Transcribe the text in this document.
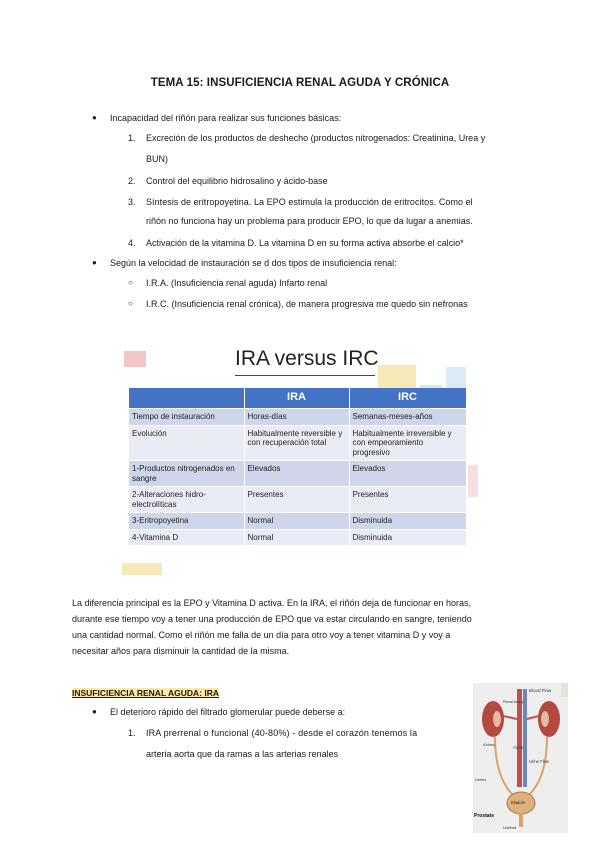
TEMA 15: INSUFICIENCIA RENAL AGUDA Y CRÓNICA
● Incapacidad del riñón para realizar sus funciones básicas:
1. Excreción de los productos de deshecho (productos nitrogenados: Creatinina, Urea y
BUN)
2. Control del equilibrio hidrosalino y ácido-base
3. Síntesis de eritropoyetina. La EPO estimula la producción de eritrocitos. Como el
riñón no funciona hay un problema para producir EPO, lo que da lugar a anemias.
4. Activación de la vitamina D. La vitamina D en su forma activa absorbe el calcio*
● Según la velocidad de instauración se d dos tipos de insuficiencia renal:
○ I.R.A. (Insuficiencia renal aguda) Infarto renal
○ I.R.C. (Insuficiencia renal crónica), de manera progresiva me quedo sin nefronas
IRA versus IRC
	IRA	IRC
Tiempo de instauración	Horas-días	Semanas-meses-años
Evolución	Habitualmente reversible y con recuperación total	Habitualmente irreversible y con empeoramiento progresivo
1-Productos nitrogenados en sangre	Elevados	Elevados
2-Alteraciones hidro-electrolíticas	Presentes	Presentes
3-Eritropoyetina	Normal	Disminuida
4-Vitamina D	Normal	Disminuida
La diferencia principal es la EPO y Vitamina D activa. En la IRA, el riñón deja de funcionar en horas,
durante ese tiempo voy a tener una producción de EPO que va estar circulando en sangre, teniendo
una cantidad normal. Como el riñón me falla de un día para otro voy a tener vitamina D y voy a
necesitar años para disminuir la cantidad de la misma.
INSUFICIENCIA RENAL AGUDA: IRA
● El deterioro rápido del filtrado glomerular puede deberse a:
1. IRA prerrenal o funcional (40-80%) - desde el corazón tenemos la
arteria aorta que da ramas a las arterias renales
Blood Flow
Renal Artery
Kidney
Aorta
Urine Flow
Ureter
Bladder
Prostate
Urethra
